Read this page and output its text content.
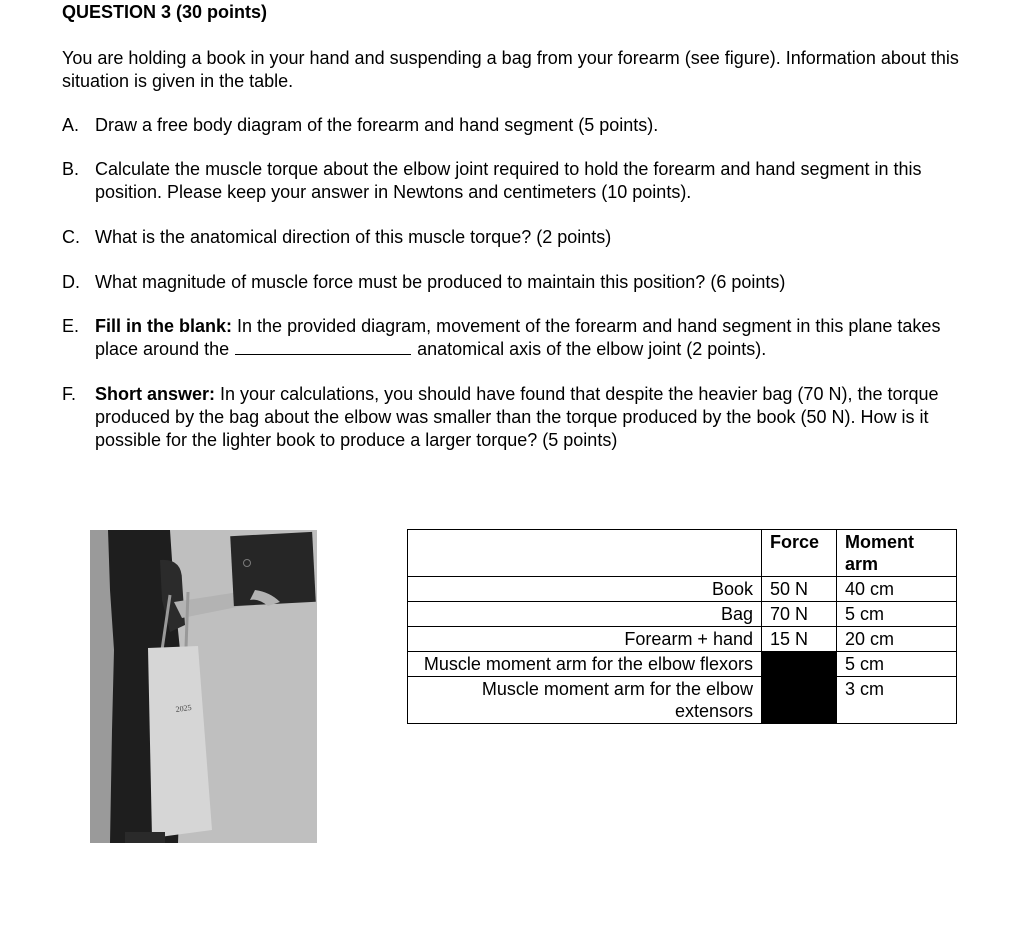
QUESTION 3 (30 points)
You are holding a book in your hand and suspending a bag from your forearm (see figure). Information about this situation is given in the table.
A. Draw a free body diagram of the forearm and hand segment (5 points).
B. Calculate the muscle torque about the elbow joint required to hold the forearm and hand segment in this position. Please keep your answer in Newtons and centimeters (10 points).
C. What is the anatomical direction of this muscle torque? (2 points)
D. What magnitude of muscle force must be produced to maintain this position? (6 points)
E. Fill in the blank: In the provided diagram, movement of the forearm and hand segment in this plane takes place around the	anatomical axis of the elbow joint (2 points).
F. Short answer: In your calculations, you should have found that despite the heavier bag (70 N), the torque produced by the bag about the elbow was smaller than the torque produced by the book (50 N). How is it possible for the lighter book to produce a larger torque? (5 points)
2025
	Force	Moment arm
Book	50 N	40 cm
Bag	70 N	5 cm
Forearm + hand	15 N	20 cm
Muscle moment arm for the elbow flexors		5 cm
Muscle moment arm for the elbow extensors		3 cm
